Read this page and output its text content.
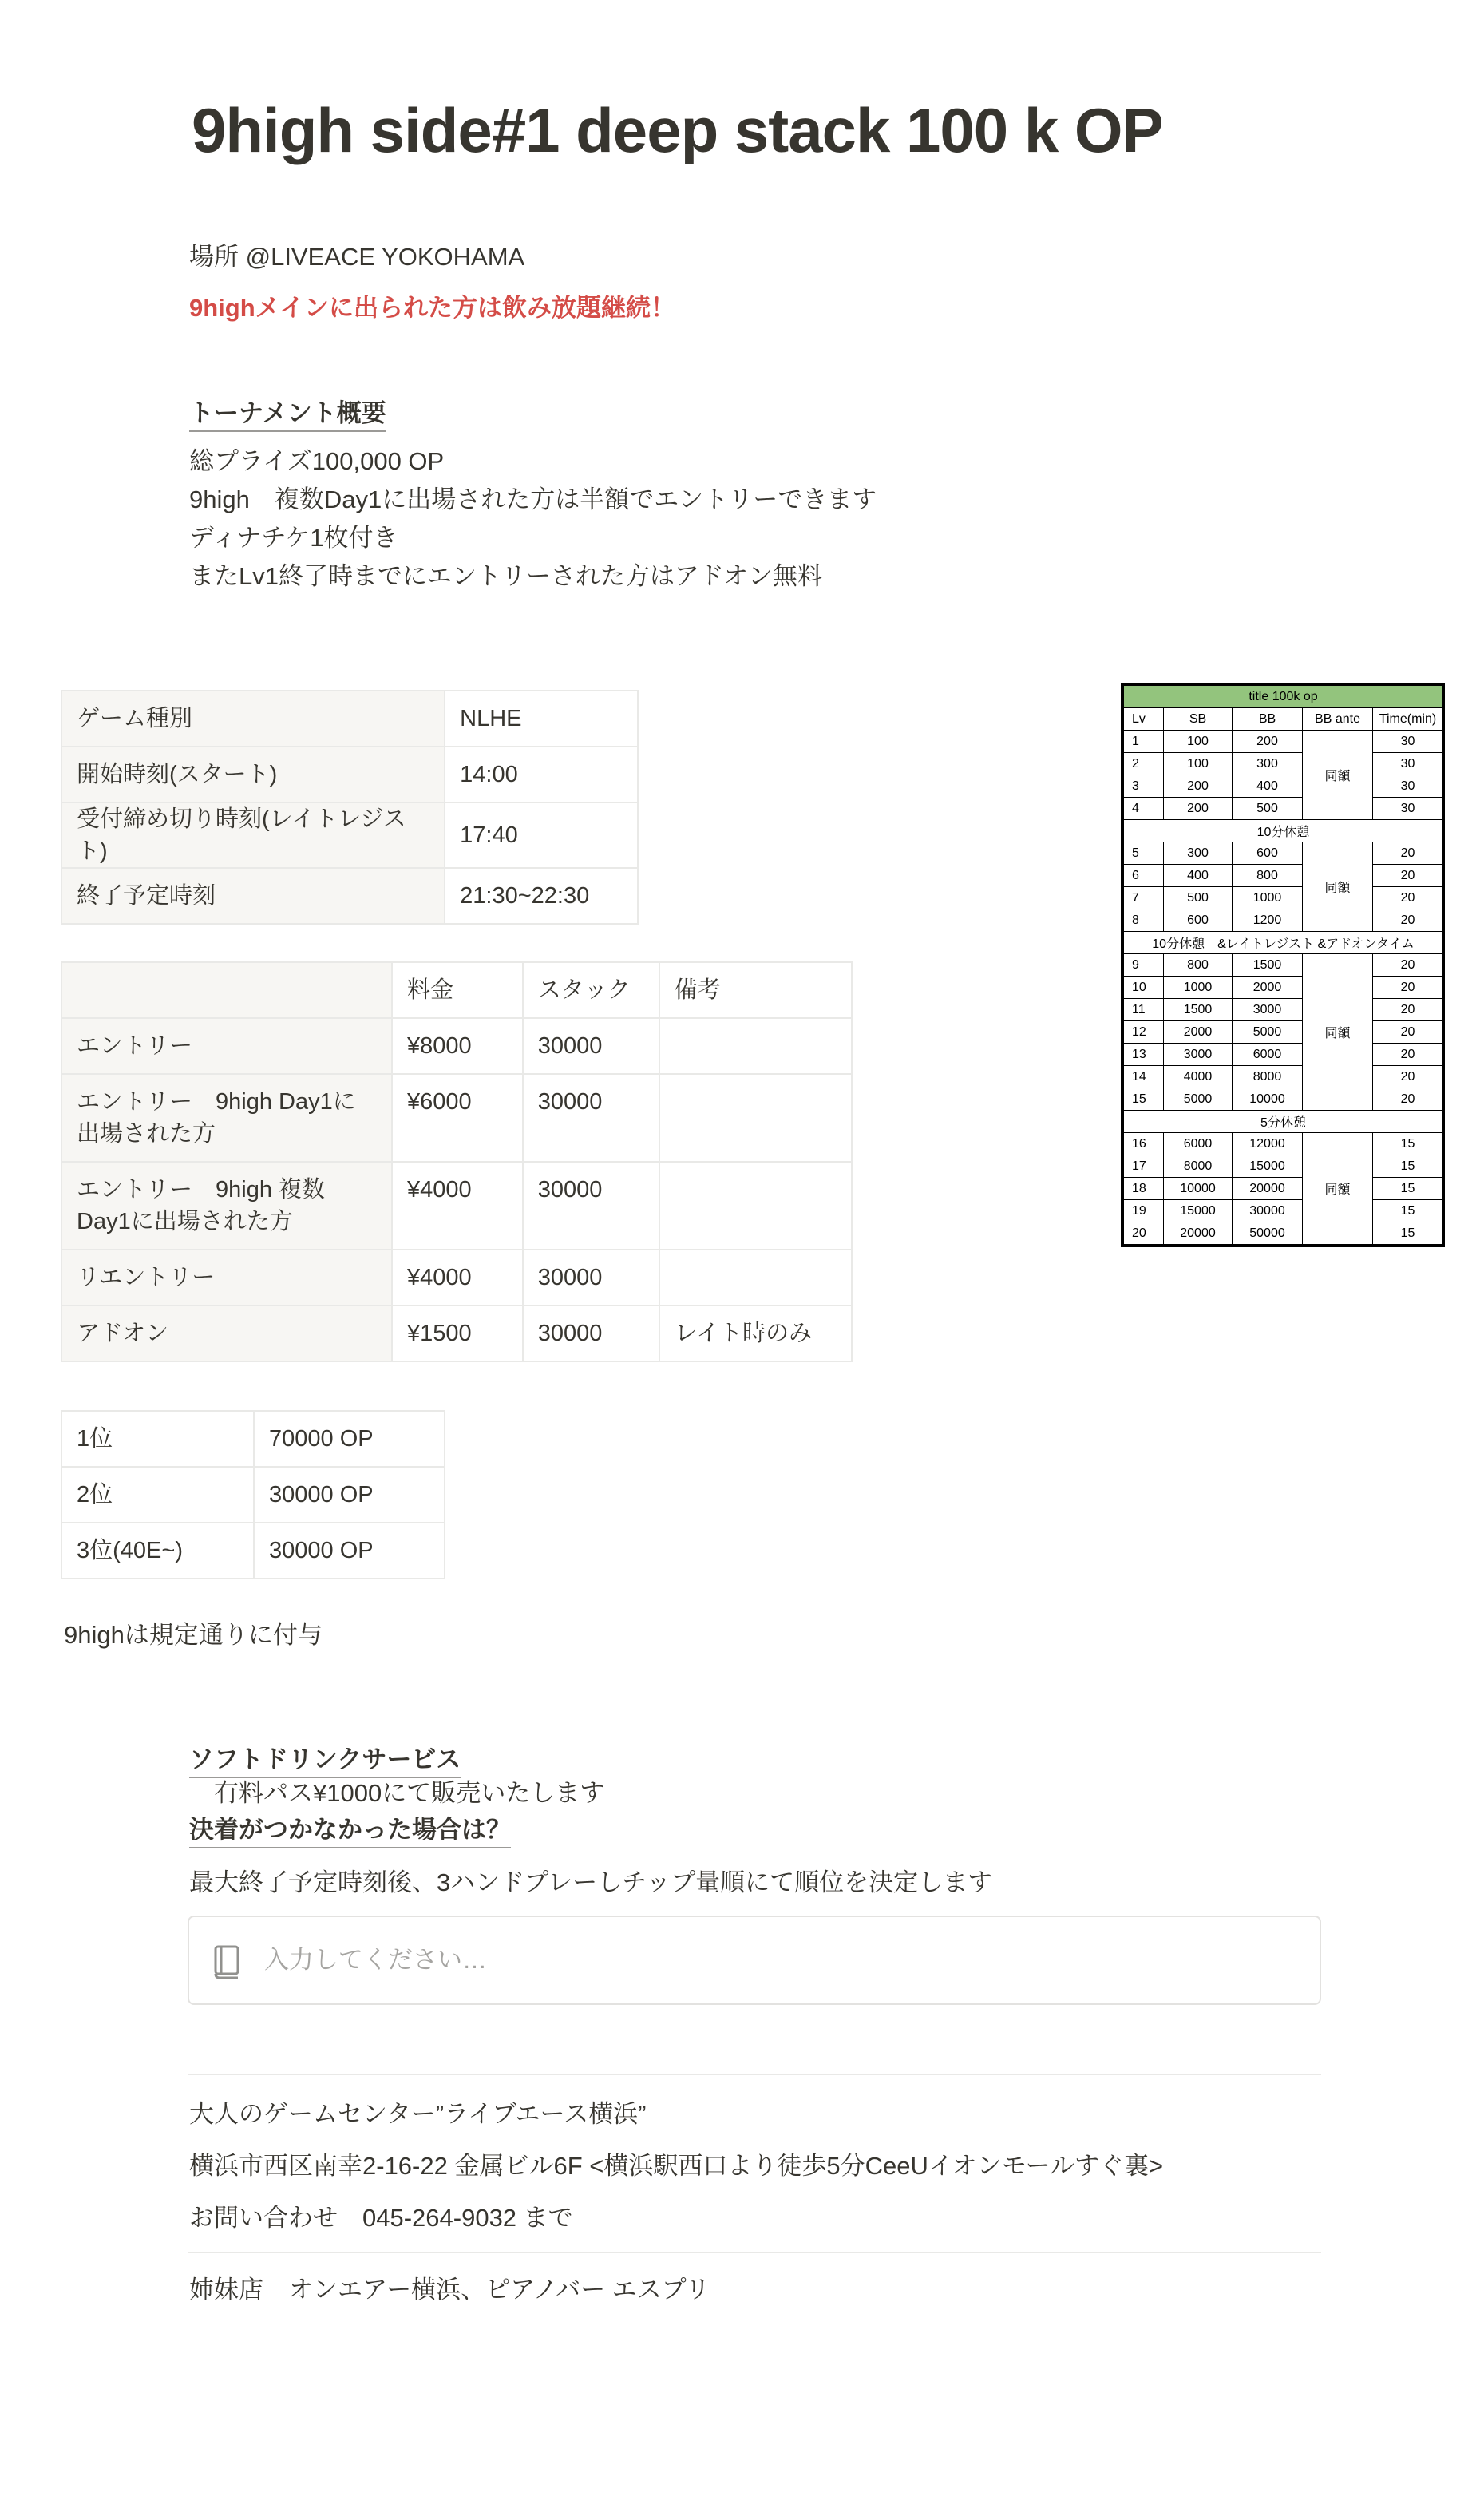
9high side#1 deep stack 100 k OP
場所 @LIVEACE YOKOHAMA
9highメインに出られた方は飲み放題継続！
トーナメント概要
総プライズ100,000 OP
9high　複数Day1に出場された方は半額でエントリーできます
ディナチケ1枚付き
またLv1終了時までにエントリーされた方はアドオン無料
ゲーム種別	NLHE
開始時刻(スタート)	14:00
受付締め切り時刻(レイトレジスト)	17:40
終了予定時刻	21:30~22:30
	料金	スタック	備考
エントリー	¥8000	30000	
エントリー　9high Day1に出場された方	¥6000	30000	
エントリー　9high 複数Day1に出場された方	¥4000	30000	
リエントリー	¥4000	30000	
アドオン	¥1500	30000	レイト時のみ
1位	70000 OP
2位	30000 OP
3位(40E~)	30000 OP
9highは規定通りに付与
title 100k op				
Lv	SB	BB	BB ante	Time(min)
1	100	200	同額	30
2	100	300		30
3	200	400		30
4	200	500		30
10分休憩				
5	300	600	同額	20
6	400	800		20
7	500	1000		20
8	600	1200		20
10分休憩　&レイトレジスト &アドオンタイム				
9	800	1500	同額	20
10	1000	2000		20
11	1500	3000		20
12	2000	5000		20
13	3000	6000		20
14	4000	8000		20
15	5000	10000		20
5分休憩				
16	6000	12000	同額	15
17	8000	15000		15
18	10000	20000		15
19	15000	30000		15
20	20000	50000		15
ソフトドリンクサービス
有料パス¥1000にて販売いたします
決着がつかなかった場合は？
最大終了予定時刻後、3ハンドプレーしチップ量順にて順位を決定します
入力してください…
大人のゲームセンター”ライブエース横浜”
横浜市西区南幸2-16-22 金属ビル6F <横浜駅西口より徒歩5分CeeUイオンモールすぐ裏>
お問い合わせ　045-264-9032 まで
姉妹店　オンエアー横浜、ピアノバー エスプリ
